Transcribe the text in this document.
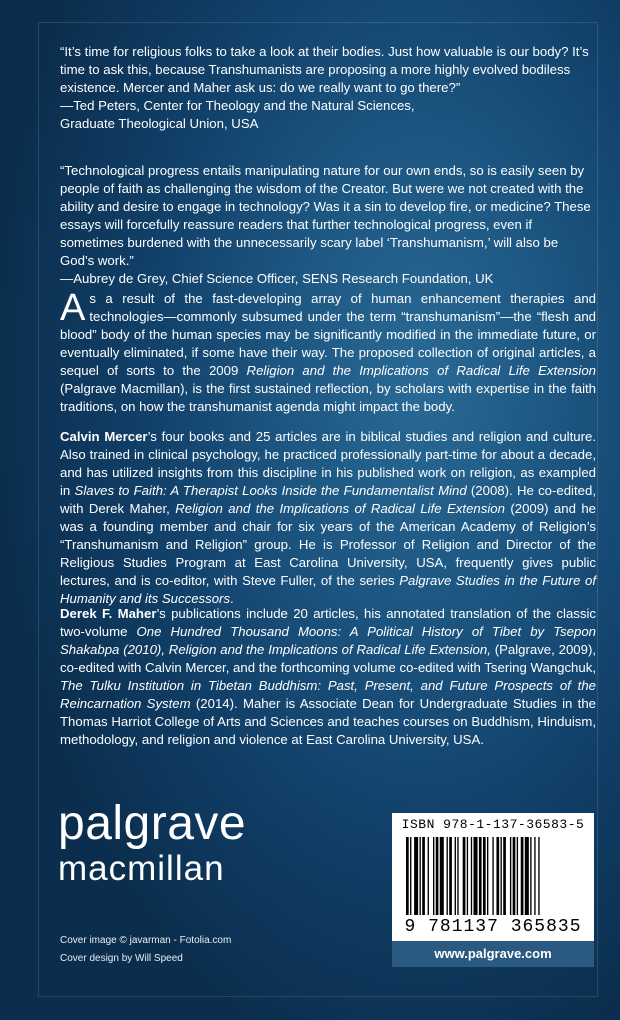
“It’s time for religious folks to take a look at their bodies. Just how valuable is our body? It’s time to ask this, because Transhumanists are proposing a more highly evolved bodiless existence. Mercer and Maher ask us: do we really want to go there?”

—Ted Peters, Center for Theology and the Natural Sciences,

Graduate Theological Union, USA

“Technological progress entails manipulating nature for our own ends, so is easily seen by people of faith as challenging the wisdom of the Creator. But were we not created with the ability and desire to engage in technology? Was it a sin to develop fire, or medicine? These essays will forcefully reassure readers that further technological progress, even if sometimes burdened with the unnecessarily scary label ‘Transhumanism,’ will also be God’s work.”

—Aubrey de Grey, Chief Science Officer, SENS Research Foundation, UK

As a result of the fast-developing array of human enhancement therapies and technologies—commonly subsumed under the term “transhumanism”—the “flesh and blood” body of the human species may be significantly modified in the immediate future, or eventually eliminated, if some have their way. The proposed collection of original articles, a sequel of sorts to the 2009 Religion and the Implications of Radical Life Extension (Palgrave Macmillan), is the first sustained reflection, by scholars with expertise in the faith traditions, on how the transhumanist agenda might impact the body.

Calvin Mercer’s four books and 25 articles are in biblical studies and religion and culture. Also trained in clinical psychology, he practiced professionally part-time for about a decade, and has utilized insights from this discipline in his published work on religion, as exampled in Slaves to Faith: A Therapist Looks Inside the Fundamentalist Mind (2008). He co-edited, with Derek Maher, Religion and the Implications of Radical Life Extension (2009) and he was a founding member and chair for six years of the American Academy of Religion’s “Transhumanism and Religion” group. He is Professor of Religion and Director of the Religious Studies Program at East Carolina University, USA, frequently gives public lectures, and is co-editor, with Steve Fuller, of the series Palgrave Studies in the Future of Humanity and its Successors.

Derek F. Maher’s publications include 20 articles, his annotated translation of the classic two-volume One Hundred Thousand Moons: A Political History of Tibet by Tsepon Shakabpa (2010), Religion and the Implications of Radical Life Extension, (Palgrave, 2009), co-edited with Calvin Mercer, and the forthcoming volume co-edited with Tsering Wangchuk, The Tulku Institution in Tibetan Buddhism: Past, Present, and Future Prospects of the Reincarnation System (2014). Maher is Associate Dean for Undergraduate Studies in the Thomas Harriot College of Arts and Sciences and teaches courses on Buddhism, Hinduism, methodology, and religion and violence at East Carolina University, USA.

palgrave
macmillan
Cover image © javarman - Fotolia.com
Cover design by Will Speed
ISBN 978-1-137-36583-5
9 781137 365835
www.palgrave.com
